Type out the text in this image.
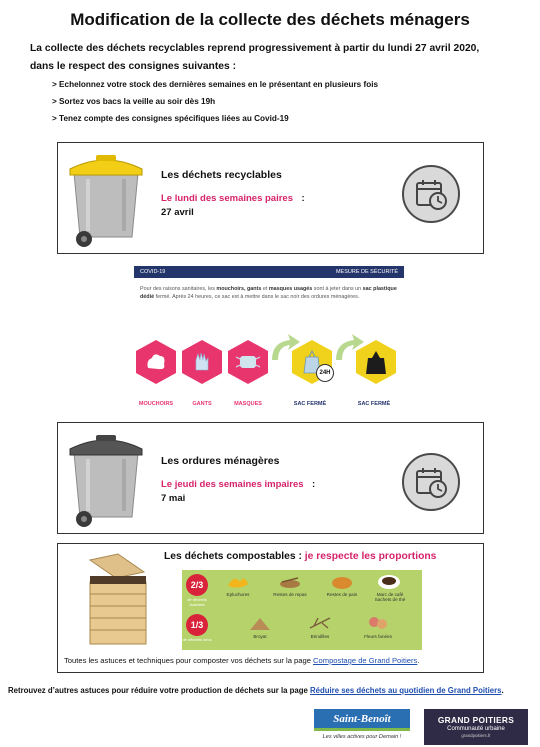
Modification de la collecte des déchets ménagers
La collecte des déchets recyclables reprend progressivement à partir du lundi 27 avril 2020,
dans le respect des consignes suivantes :
> Echelonnez votre stock des dernières semaines en le présentant en plusieurs fois
> Sortez vos bacs la veille au soir dès 19h
> Tenez compte des consignes spécifiques liées au Covid-19
Les déchets recyclables
Le lundi des semaines paires :
27 avril
COVID-19	MESURE DE SÉCURITÉ
Pour des raisons sanitaires, les mouchoirs, gants et masques usagés sont à jeter dans un sac plastique dédié fermé. Après 24 heures, ce sac est à mettre dans le sac noir des ordures ménagères.
24H
MOUCHOIRS	GANTS	MASQUES	SAC FERMÉ	SAC FERMÉ
Les ordures ménagères
Le jeudi des semaines impaires :
7 mai
Les déchets compostables : je respecte les proportions
2/3
de déchets humides
1/3
de déchets secs
Epluchures	Restes de repas	Restes de pain	Marc de café Sachets de thé
Broyat	Brindilles	Fleurs fanées
Toutes les astuces et techniques pour composter vos déchets sur la page Compostage de Grand Poitiers.
Retrouvez d’autres astuces pour réduire votre production de déchets sur la page Réduire ses déchets au quotidien de Grand Poitiers.
Saint-Benoît
Les villes actives pour Demain !
GRAND POITIERS
Communauté urbaine
grandpoitiers.fr
